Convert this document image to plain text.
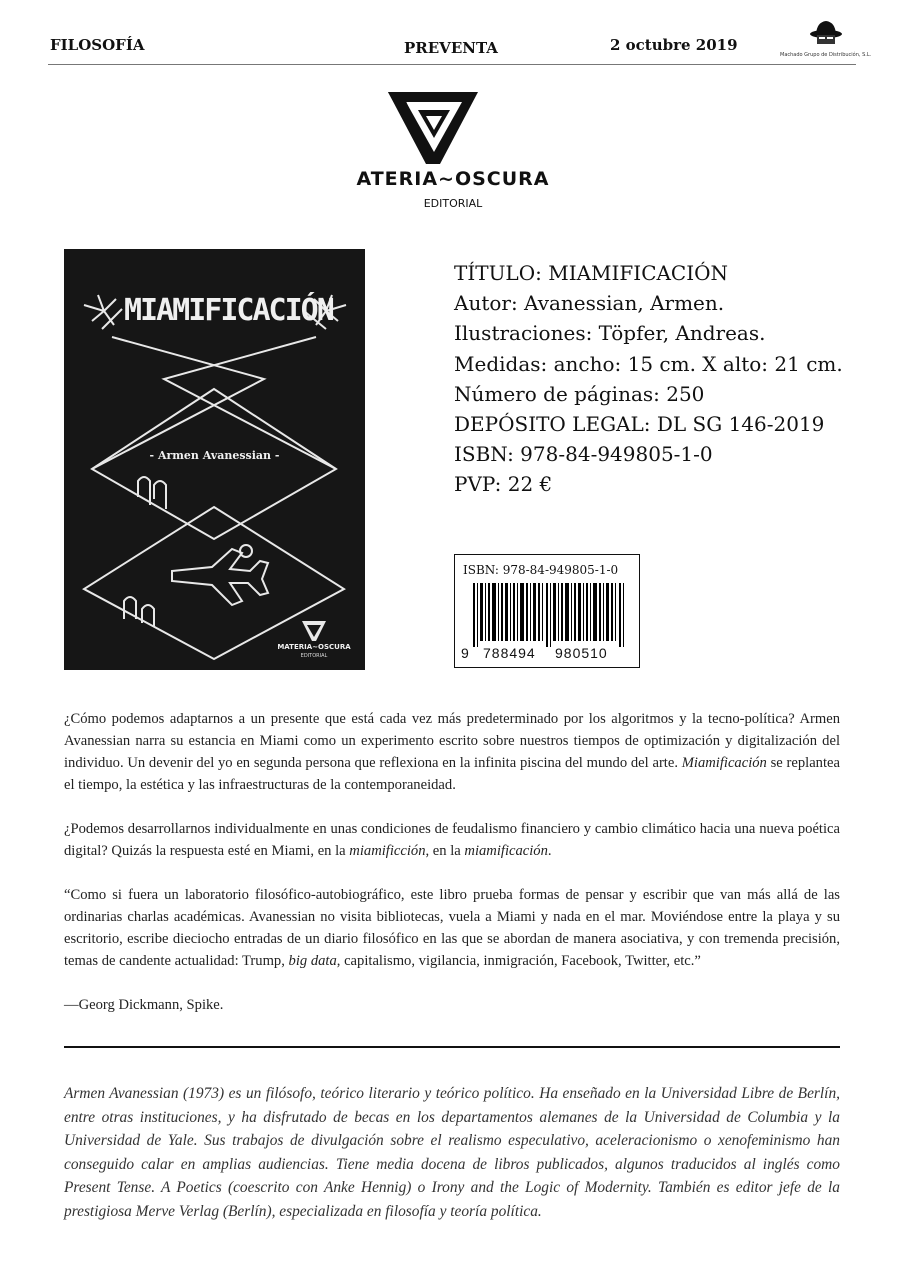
FILOSOFÍA	PREVENTA	2 octubre 2019
Machado Grupo de Distribución, S.L.
ATERIA~OSCURA
EDITORIAL
MIAMIFICACIÓN
- Armen Avanessian -
MATERIA~OSCURA
EDITORIAL
TÍTULO: MIAMIFICACIÓN
Autor: Avanessian, Armen.
Ilustraciones: Töpfer, Andreas.
Medidas: ancho: 15 cm. X alto: 21 cm.
Número de páginas: 250
DEPÓSITO LEGAL: DL SG 146-2019
ISBN: 978-84-949805-1-0
PVP: 22 €
ISBN: 978-84-949805-1-0
9 788494 980510

¿Cómo podemos adaptarnos a un presente que está cada vez más predeterminado por los algoritmos y la tecno-política? Armen Avanessian narra su estancia en Miami como un experimento escrito sobre nuestros tiempos de optimización y digitalización del individuo. Un devenir del yo en segunda persona que reflexiona en la infinita piscina del mundo del arte. Miamificación se replantea el tiempo, la estética y las infraestructuras de la contemporaneidad.

¿Podemos desarrollarnos individualmente en unas condiciones de feudalismo financiero y cambio climático hacia una nueva poética digital? Quizás la respuesta esté en Miami, en la miamificción, en la miamificación.

“Como si fuera un laboratorio filosófico-autobiográfico, este libro prueba formas de pensar y escribir que van más allá de las ordinarias charlas académicas. Avanessian no visita bibliotecas, vuela a Miami y nada en el mar. Moviéndose entre la playa y su escritorio, escribe dieciocho entradas de un diario filosófico en las que se abordan de manera asociativa, y con tremenda precisión, temas de candente actualidad: Trump, big data, capitalismo, vigilancia, inmigración, Facebook, Twitter, etc.”

—Georg Dickmann, Spike.

Armen Avanessian (1973) es un filósofo, teórico literario y teórico político. Ha enseñado en la Universidad Libre de Berlín, entre otras instituciones, y ha disfrutado de becas en los departamentos alemanes de la Universidad de Columbia y la Universidad de Yale. Sus trabajos de divulgación sobre el realismo especulativo, aceleracionismo o xenofeminismo han conseguido calar en amplias audiencias. Tiene media docena de libros publicados, algunos traducidos al inglés como Present Tense. A Poetics (coescrito con Anke Hennig) o Irony and the Logic of Modernity. También es editor jefe de la prestigiosa Merve Verlag (Berlín), especializada en filosofía y teoría política.
